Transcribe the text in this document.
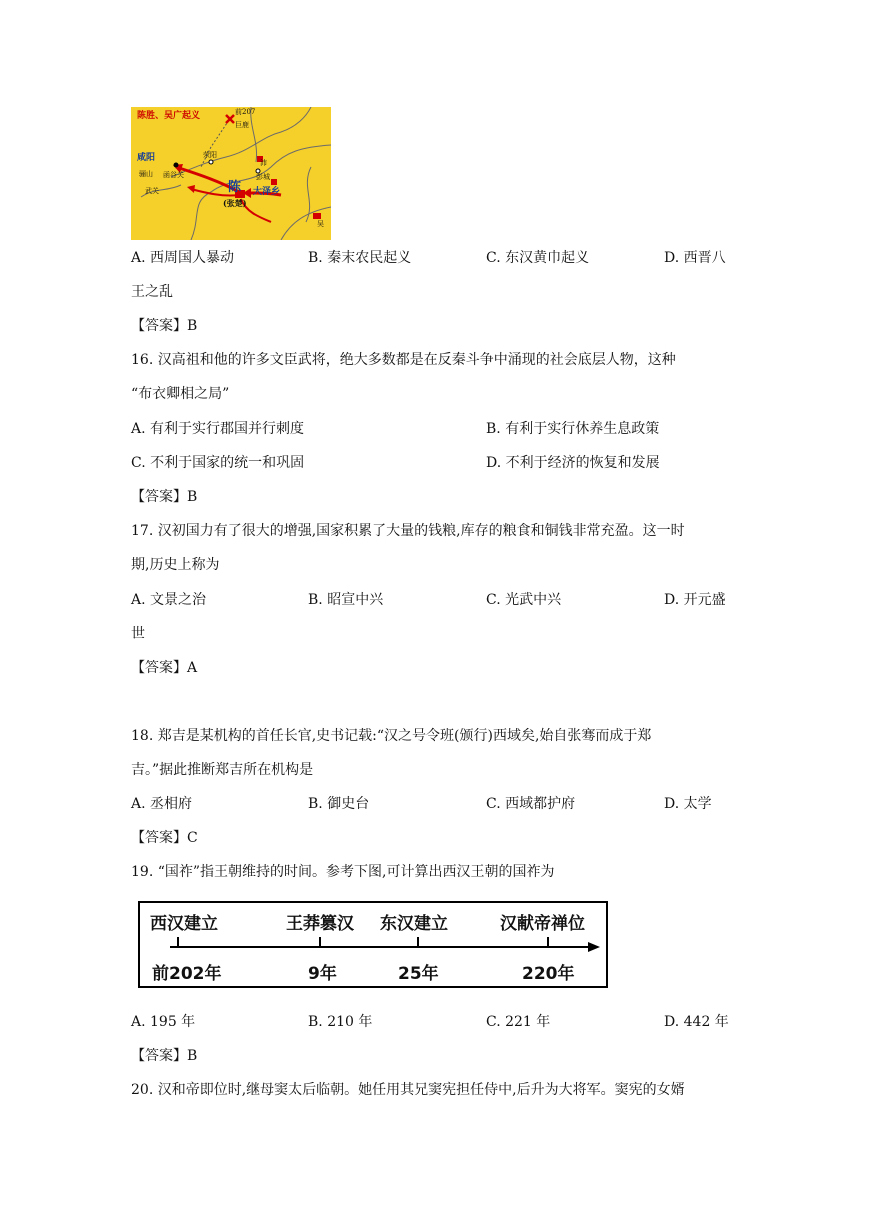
陈胜、吴广起义	前207
巨鹿
咸阳	荥阳
沛
彭城
骊山 函谷关
武关	陈
(张楚)
大泽乡
吴
A. 西周国人暴动	B. 秦末农民起义	C. 东汉黄巾起义	D. 西晋八
王之乱
【答案】B
16. 汉高祖和他的许多文臣武将，绝大多数都是在反秦斗争中涌现的社会底层人物，这种
“布衣卿相之局”
A. 有利于实行郡国并行刺度	B. 有利于实行休养生息政策
C. 不利于国家的统一和巩固	D. 不利于经济的恢复和发展
【答案】B
17. 汉初国力有了很大的增强,国家积累了大量的钱粮,库存的粮食和铜钱非常充盈。这一时
期,历史上称为
A. 文景之治	B. 昭宣中兴	C. 光武中兴	D. 开元盛
世
【答案】A
18. 郑吉是某机构的首任长官,史书记载:“汉之号令班(颁行)西域矣,始自张骞而成于郑
吉。”据此推断郑吉所在机构是
A. 丞相府	B. 御史台	C. 西域都护府	D. 太学
【答案】C
19. “国祚”指王朝维持的时间。参考下图,可计算出西汉王朝的国祚为
西汉建立	王莽篡汉 东汉建立	汉献帝禅位
前202年	9年	25年	220年
A. 195 年	B. 210 年	C. 221 年	D. 442 年
【答案】B
20. 汉和帝即位时,继母窦太后临朝。她任用其兄窦宪担任侍中,后升为大将军。窦宪的女婿
